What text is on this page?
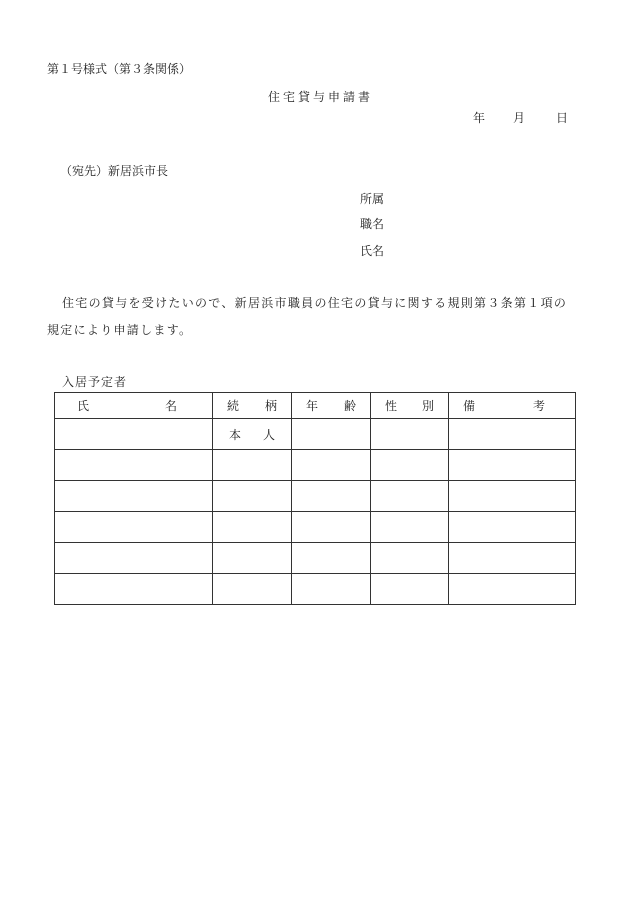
第１号様式（第３条関係）
住宅貸与申請書
年 月	日
（宛先）新居浜市長
所属
職名
氏名
住宅の貸与を受けたいので、新居浜市職員の住宅の貸与に関する規則第３条第１項の
規定により申請します。
入居予定者
氏 名	続 柄	年 齢	性 別	備 考

	本 人			
